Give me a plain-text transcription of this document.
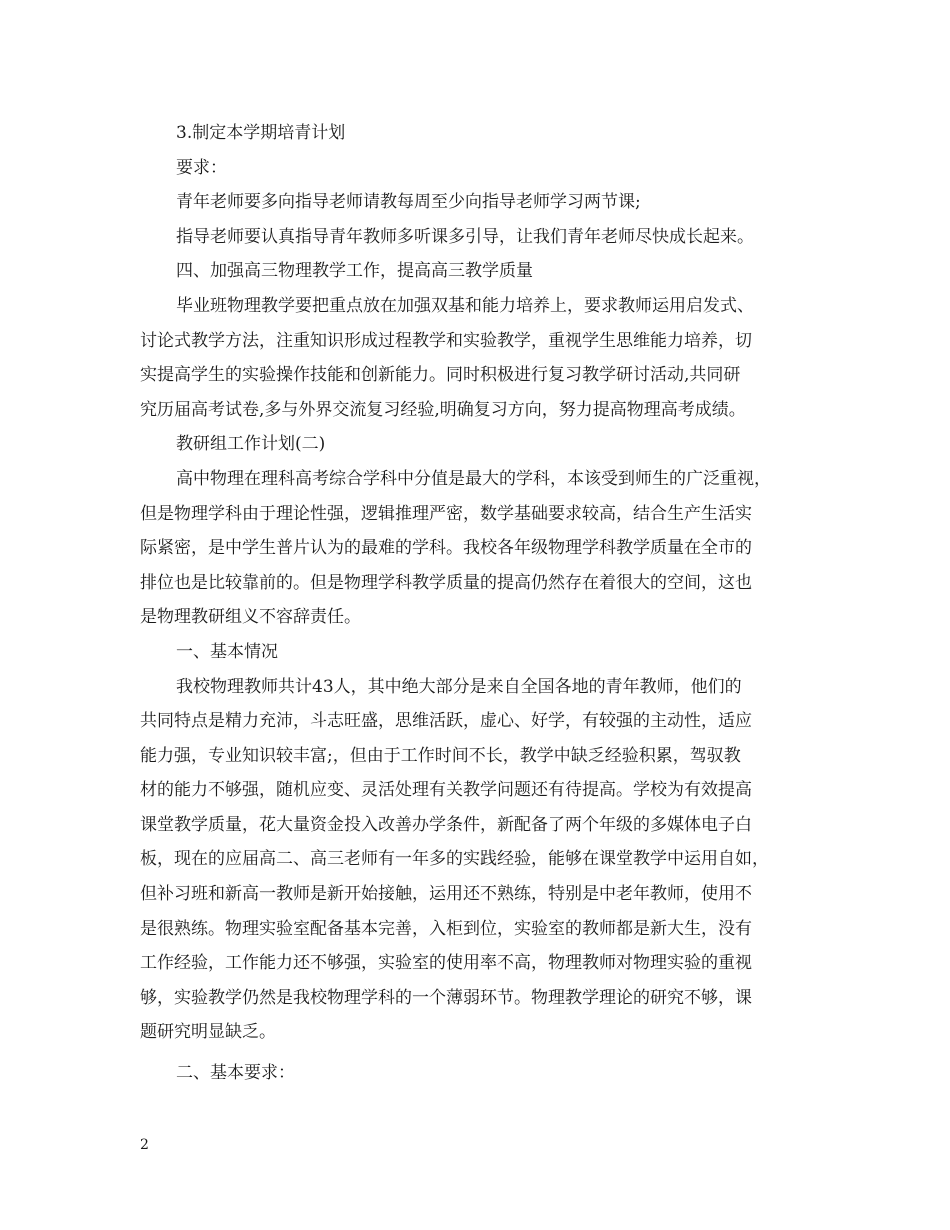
3.制定本学期培青计划
要求：
青年老师要多向指导老师请教每周至少向指导老师学习两节课;
指导老师要认真指导青年教师多听课多引导，让我们青年老师尽快成长起来。
四、加强高三物理教学工作，提高高三教学质量
毕业班物理教学要把重点放在加强双基和能力培养上，要求教师运用启发式、
讨论式教学方法，注重知识形成过程教学和实验教学，重视学生思维能力培养，切
实提高学生的实验操作技能和创新能力。同时积极进行复习教学研讨活动,共同研
究历届高考试卷,多与外界交流复习经验,明确复习方向，努力提高物理高考成绩。
教研组工作计划(二)
高中物理在理科高考综合学科中分值是最大的学科，本该受到师生的广泛重视，
但是物理学科由于理论性强，逻辑推理严密，数学基础要求较高，结合生产生活实
际紧密，是中学生普片认为的最难的学科。我校各年级物理学科教学质量在全市的
排位也是比较靠前的。但是物理学科教学质量的提高仍然存在着很大的空间，这也
是物理教研组义不容辞责任。
一、基本情况
我校物理教师共计43人，其中绝大部分是来自全国各地的青年教师，他们的
共同特点是精力充沛，斗志旺盛，思维活跃，虚心、好学，有较强的主动性，适应
能力强，专业知识较丰富;，但由于工作时间不长，教学中缺乏经验积累，驾驭教
材的能力不够强，随机应变、灵活处理有关教学问题还有待提高。学校为有效提高
课堂教学质量，花大量资金投入改善办学条件，新配备了两个年级的多媒体电子白
板，现在的应届高二、高三老师有一年多的实践经验，能够在课堂教学中运用自如，
但补习班和新高一教师是新开始接触，运用还不熟练，特别是中老年教师，使用不
是很熟练。物理实验室配备基本完善，入柜到位，实验室的教师都是新大生，没有
工作经验，工作能力还不够强，实验室的使用率不高，物理教师对物理实验的重视
够，实验教学仍然是我校物理学科的一个薄弱环节。物理教学理论的研究不够，课
题研究明显缺乏。
二、基本要求：
2
